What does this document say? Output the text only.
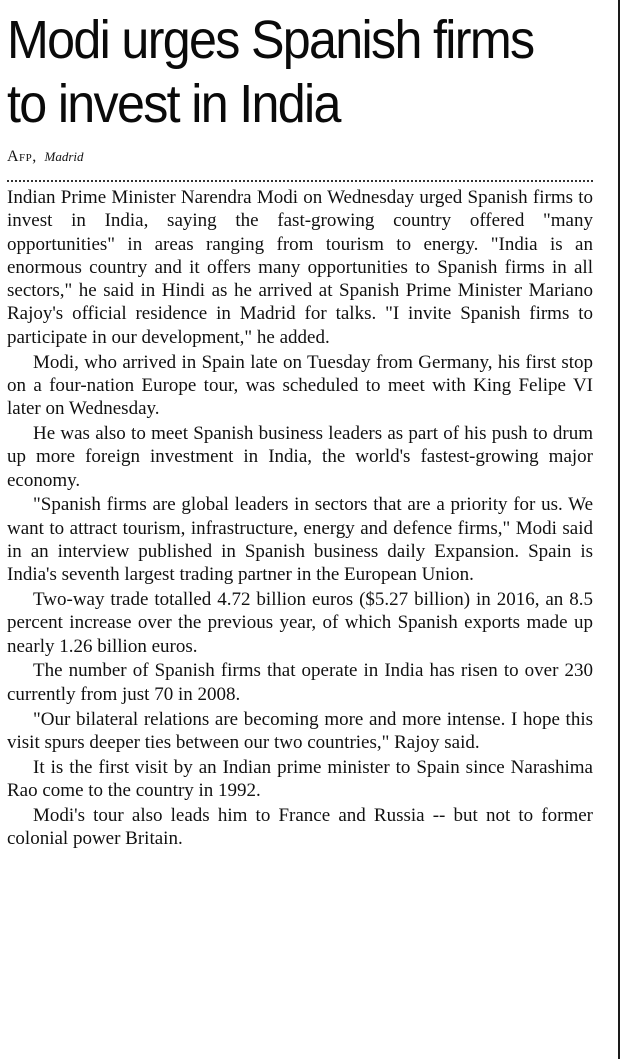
Modi urges Spanish firms
to invest in India
Afp, Madrid

Indian Prime Minister Narendra Modi on Wednesday urged Spanish firms to invest in India, saying the fast-growing country offered "many opportunities" in areas ranging from tourism to energy. "India is an enormous country and it offers many opportunities to Spanish firms in all sectors," he said in Hindi as he arrived at Spanish Prime Minister Mariano Rajoy's official residence in Madrid for talks. "I invite Spanish firms to participate in our development," he added.

Modi, who arrived in Spain late on Tuesday from Germany, his first stop on a four-nation Europe tour, was scheduled to meet with King Felipe VI later on Wednesday.

He was also to meet Spanish business leaders as part of his push to drum up more foreign investment in India, the world's fastest-growing major economy.

"Spanish firms are global leaders in sectors that are a priority for us. We want to attract tourism, infrastructure, energy and defence firms," Modi said in an interview published in Spanish business daily Expansion. Spain is India's seventh largest trading partner in the European Union.

Two-way trade totalled 4.72 billion euros ($5.27 billion) in 2016, an 8.5 percent increase over the previous year, of which Spanish exports made up nearly 1.26 billion euros.

The number of Spanish firms that operate in India has risen to over 230 currently from just 70 in 2008.

"Our bilateral relations are becoming more and more intense. I hope this visit spurs deeper ties between our two countries," Rajoy said.

It is the first visit by an Indian prime minister to Spain since Narashima Rao come to the country in 1992.

Modi's tour also leads him to France and Russia -- but not to former colonial power Britain.
